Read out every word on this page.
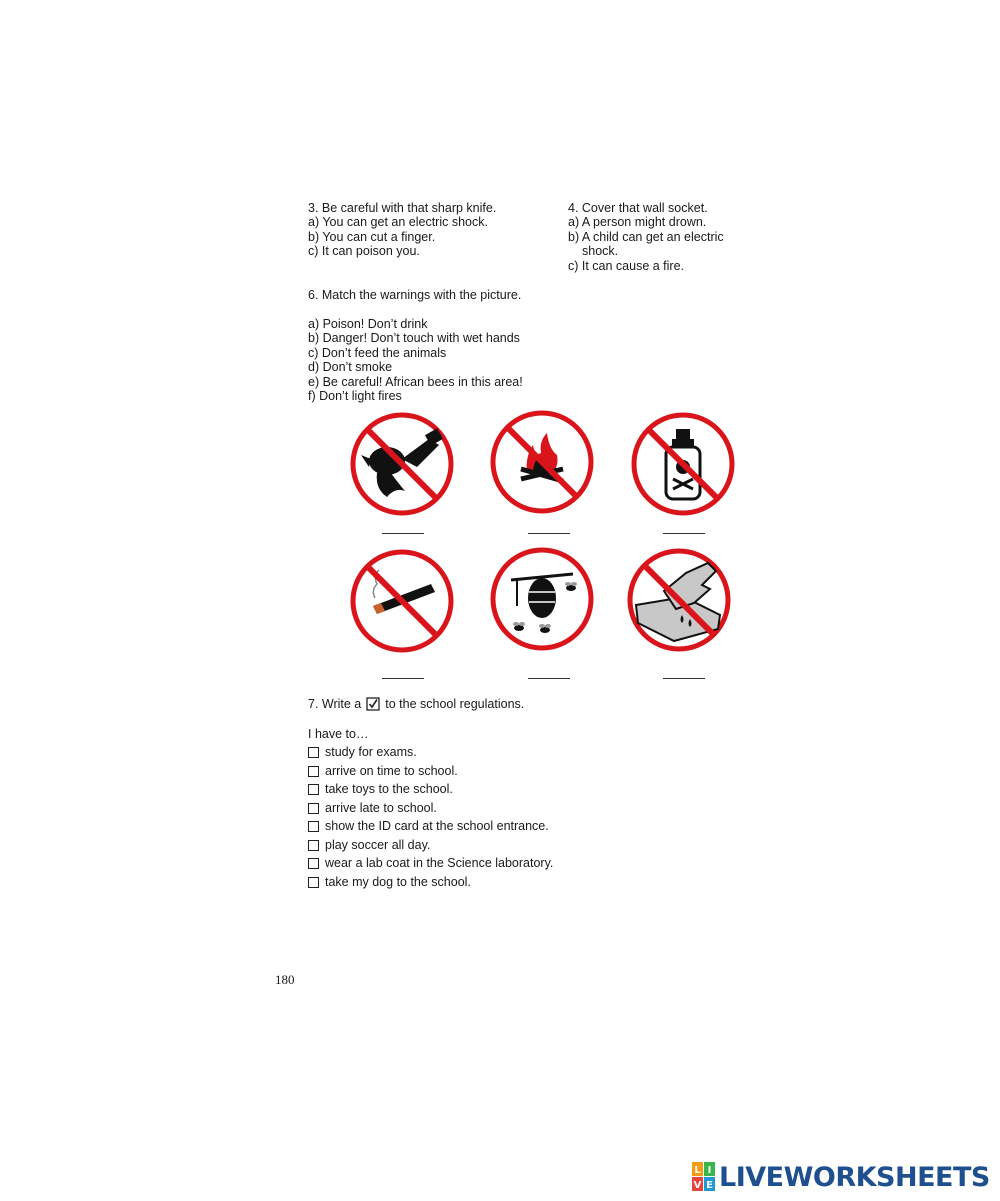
3. Be careful with that sharp knife.
a) You can get an electric shock.
b) You can cut a finger.
c) It can poison you.
4. Cover that wall socket.
a) A person might drown.
b) A child can get an electric
shock.
c) It can cause a fire.
6. Match the warnings with the picture.
a) Poison! Don’t drink
b) Danger! Don’t touch with wet hands
c) Don’t feed the animals
d) Don’t smoke
e) Be careful! African bees in this area!
f) Don’t light fires
7. Write a to the school regulations.
I have to…
study for exams.
arrive on time to school.
take toys to the school.
arrive late to school.
show the ID card at the school entrance.
play soccer all day.
wear a lab coat in the Science laboratory.
take my dog to the school.
180
L I
V E LIVEWORKSHEETS
